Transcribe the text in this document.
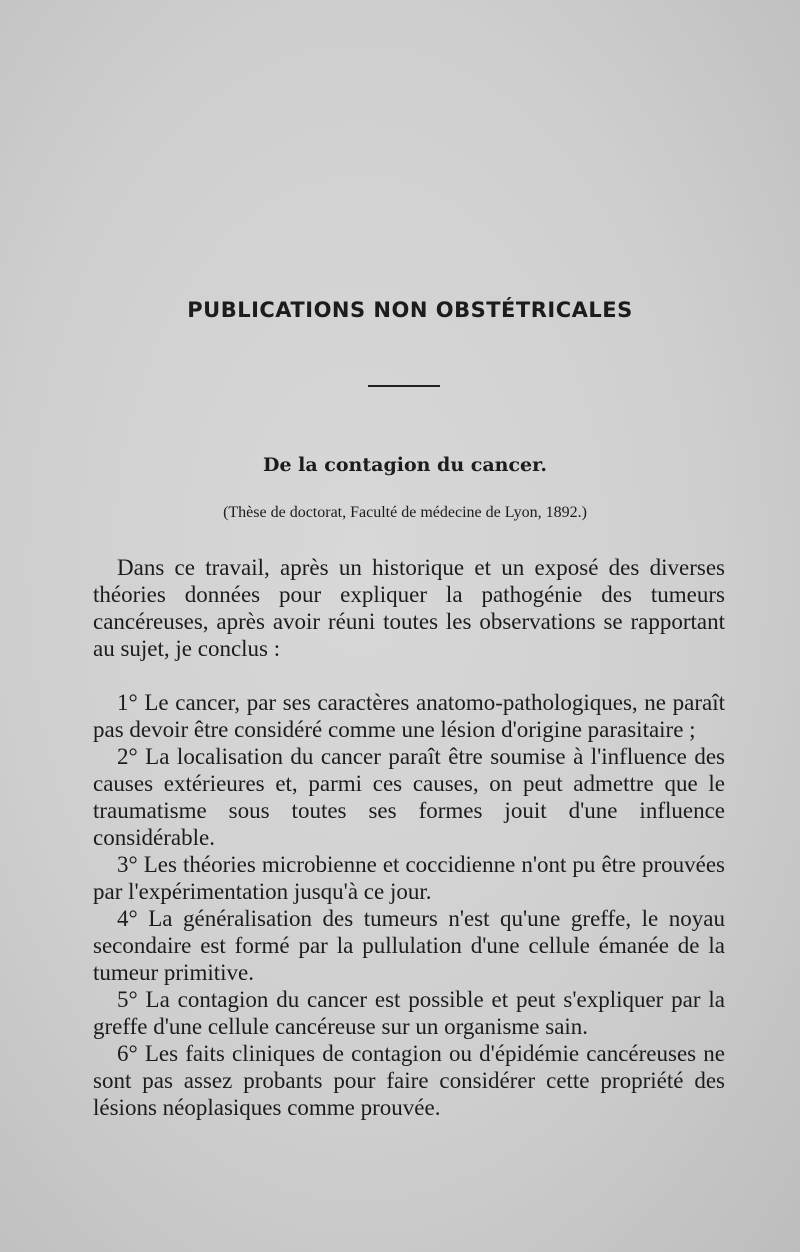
PUBLICATIONS NON OBSTÉTRICALES
De la contagion du cancer.
(Thèse de doctorat, Faculté de médecine de Lyon, 1892.)

Dans ce travail, après un historique et un exposé des diverses théories données pour expliquer la pathogénie des tumeurs cancéreuses, après avoir réuni toutes les observations se rapportant au sujet, je conclus :

1° Le cancer, par ses caractères anatomo-pathologiques, ne paraît pas devoir être considéré comme une lésion d'origine parasitaire ;

2° La localisation du cancer paraît être soumise à l'influence des causes extérieures et, parmi ces causes, on peut admettre que le traumatisme sous toutes ses formes jouit d'une influence considérable.

3° Les théories microbienne et coccidienne n'ont pu être prouvées par l'expérimentation jusqu'à ce jour.

4° La généralisation des tumeurs n'est qu'une greffe, le noyau secondaire est formé par la pullulation d'une cellule émanée de la tumeur primitive.

5° La contagion du cancer est possible et peut s'expliquer par la greffe d'une cellule cancéreuse sur un organisme sain.

6° Les faits cliniques de contagion ou d'épidémie cancéreuses ne sont pas assez probants pour faire considérer cette propriété des lésions néoplasiques comme prouvée.
